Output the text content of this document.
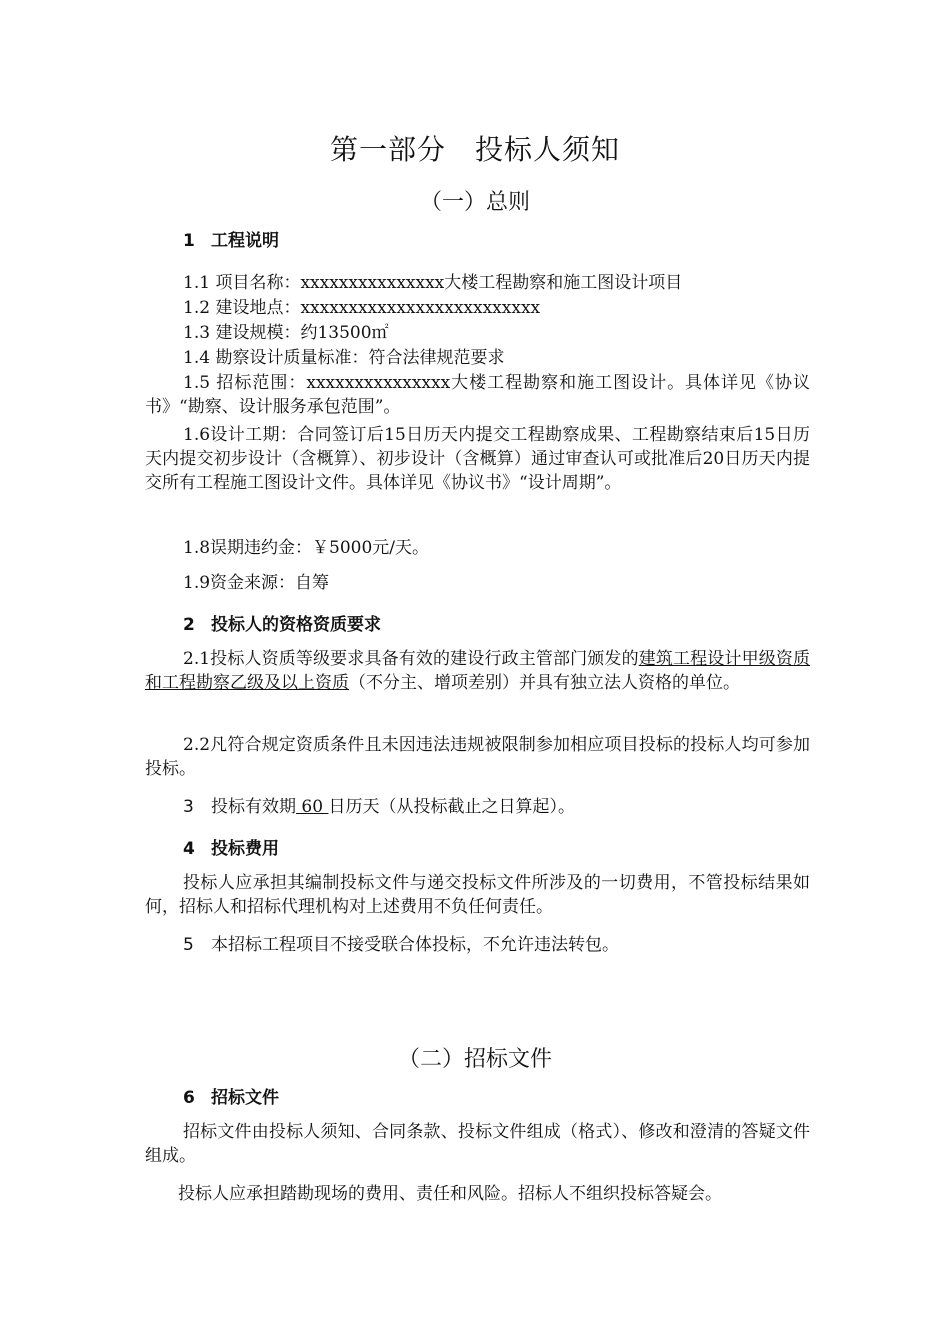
第一部分　投标人须知
（一）总则
1 工程说明
1.1 项目名称：xxxxxxxxxxxxxxx大楼工程勘察和施工图设计项目
1.2 建设地点：xxxxxxxxxxxxxxxxxxxxxxxxx
1.3 建设规模：约13500㎡
1.4 勘察设计质量标准：符合法律规范要求
1.5 招标范围：xxxxxxxxxxxxxxx大楼工程勘察和施工图设计。具体详见《协议书》“勘察、设计服务承包范围”。
1.6设计工期：合同签订后15日历天内提交工程勘察成果、工程勘察结束后15日历天内提交初步设计（含概算）、初步设计（含概算）通过审查认可或批准后20日历天内提交所有工程施工图设计文件。具体详见《协议书》“设计周期”。
1.8误期违约金：￥5000元/天。
1.9资金来源：自筹
2 投标人的资格资质要求
2.1投标人资质等级要求具备有效的建设行政主管部门颁发的建筑工程设计甲级资质和工程勘察乙级及以上资质（不分主、增项差别）并具有独立法人资格的单位。
2.2凡符合规定资质条件且未因违法违规被限制参加相应项目投标的投标人均可参加投标。
3 投标有效期 60 日历天（从投标截止之日算起）。
4 投标费用
投标人应承担其编制投标文件与递交投标文件所涉及的一切费用，不管投标结果如何，招标人和招标代理机构对上述费用不负任何责任。
5 本招标工程项目不接受联合体投标，不允许违法转包。
（二）招标文件
6 招标文件
招标文件由投标人须知、合同条款、投标文件组成（格式）、修改和澄清的答疑文件组成。
投标人应承担踏勘现场的费用、责任和风险。招标人不组织投标答疑会。
